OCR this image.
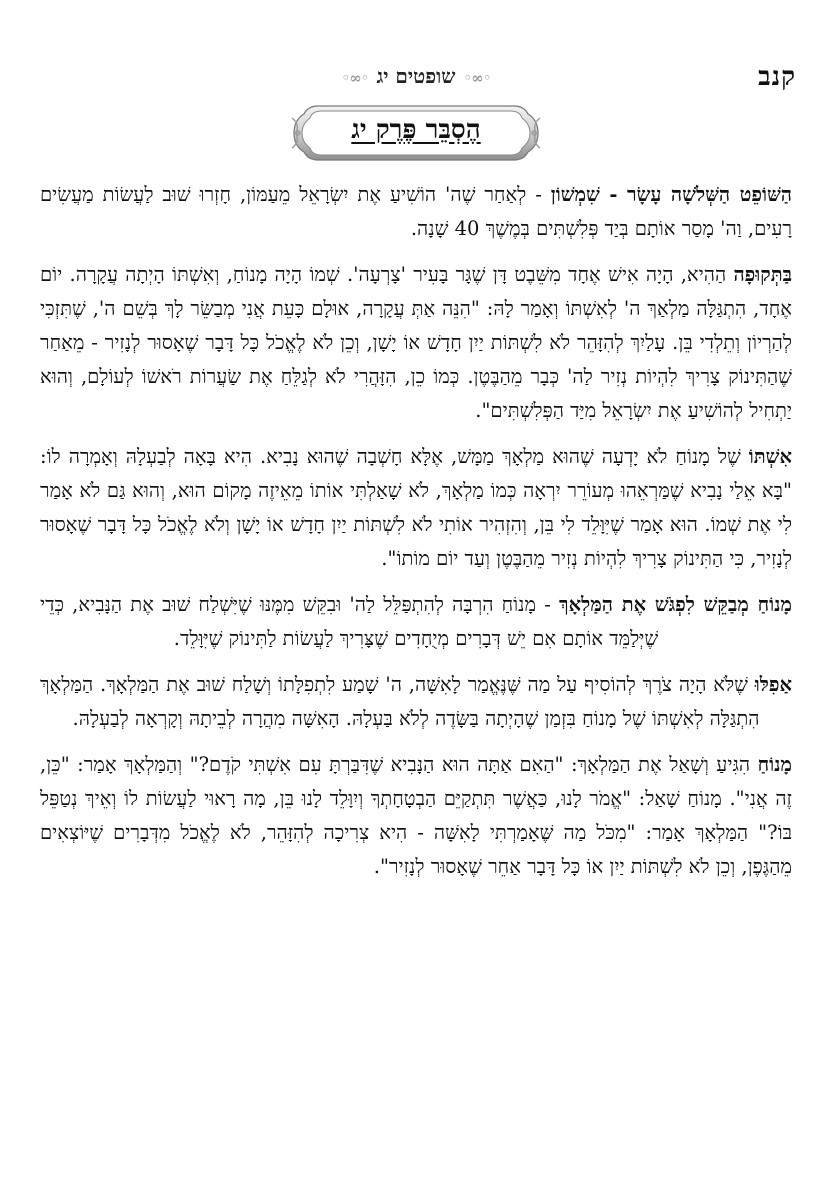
קנב
◦∞◦שופטים יג◦∞◦
הֶסְבֵּר פֶּרֶק יג

הַשּׁוֹפֵט הַשְּׁלֹשָׁה עָשָׂר - שִׁמְשׁוֹן - לְאַחַר שֶׁה' הוֹשִׁיעַ אֶת יִשְׂרָאֵל מֵעַמּוֹן, חָזְרוּ שׁוּב לַעֲשׂוֹת מַעֲשִׂים רָעִים, וַה' מָסַר אוֹתָם בְּיַד פְּלִשְׁתִּים בְּמֶשֶׁךְ 40 שָׁנָה.

בַּתְּקוּפָה הַהִיא, הָיָה אִישׁ אֶחָד מִשֵּׁבֶט דָּן שֶׁגָּר בָּעִיר 'צָרְעָה'. שְׁמוֹ הָיָה מָנוֹחַ, וְאִשְׁתּוֹ הָיְתָה עֲקָרָה. יוֹם אֶחָד, הִתְגַּלָּה מַלְאַךְ ה' לְאִשְׁתּוֹ וְאָמַר לָהּ: "הִנֵּה אַתְּ עֲקָרָה, אוּלָם כָּעֵת אֲנִי מְבַשֵּׂר לָךְ בְּשֵׁם ה', שֶׁתִּזְכִּי לְהַרְיוֹן וְתֵלְדִי בֵּן. עָלַיִךְ לְהִזָּהֵר לֹא לִשְׁתּוֹת יַיִן חָדָשׁ אוֹ יָשָׁן, וְכֵן לֹא לֶאֱכֹל כָּל דָּבָר שֶׁאָסוּר לְנָזִיר - מֵאַחַר שֶׁהַתִּינוֹק צָרִיךְ לִהְיוֹת נְזִיר לַה' כְּבָר מֵהַבֶּטֶן. כְּמוֹ כֵן, הִזָּהֲרִי לֹא לְגַלֵּחַ אֶת שַׂעֲרוֹת רֹאשׁוֹ לְעוֹלָם, וְהוּא יַתְחִיל לְהוֹשִׁיעַ אֶת יִשְׂרָאֵל מִיַּד הַפְּלִשְׁתִּים".

אִשְׁתּוֹ שֶׁל מָנוֹחַ לֹא יָדְעָה שֶׁהוּא מַלְאָךְ מַמָּשׁ, אֶלָּא חָשְׁבָה שֶׁהוּא נָבִיא. הִיא בָּאָה לְבַעְלָהּ וְאָמְרָה לוֹ: "בָּא אֵלַי נָבִיא שֶׁמַּרְאֵהוּ מְעוֹרֵר יִרְאָה כְּמוֹ מַלְאָךְ, לֹא שָׁאַלְתִּי אוֹתוֹ מֵאֵיזֶה מָקוֹם הוּא, וְהוּא גַּם לֹא אָמַר לִי אֶת שְׁמוֹ. הוּא אָמַר שֶׁיִּוָּלֵד לִי בֵּן, וְהִזְהִיר אוֹתִי לֹא לִשְׁתּוֹת יַיִן חָדָשׁ אוֹ יָשָׁן וְלֹא לֶאֱכֹל כָּל דָּבָר שֶׁאָסוּר לְנָזִיר, כִּי הַתִּינוֹק צָרִיךְ לִהְיוֹת נְזִיר מֵהַבֶּטֶן וְעַד יוֹם מוֹתוֹ".

מָנוֹחַ מְבַקֵּשׁ לִפְגֹּשׁ אֶת הַמַּלְאָךְ - מָנוֹחַ הִרְבָּה לְהִתְפַּלֵּל לַה' וּבִקֵּשׁ מִמֶּנּוּ שֶׁיִּשְׁלַח שׁוּב אֶת הַנָּבִיא, כְּדֵי שֶׁיְּלַמֵּד אוֹתָם אִם יֵשׁ דְּבָרִים מְיֻחָדִים שֶׁצָּרִיךְ לַעֲשׂוֹת לַתִּינוֹק שֶׁיִּוָּלֵד.

אַפִלּוּ שֶׁלֹּא הָיָה צֹרֶךְ לְהוֹסִיף עַל מַה שֶּׁנֶּאֱמַר לָאִשָּׁה, ה' שָׁמַע לִתְפִלָּתוֹ וְשָׁלַח שׁוּב אֶת הַמַּלְאָךְ. הַמַּלְאָךְ הִתְגַּלָּה לְאִשְׁתּוֹ שֶׁל מָנוֹחַ בִּזְמַן שֶׁהָיְתָה בַּשָּׂדֶה לְלֹא בַּעְלָהּ. הָאִשָּׁה מִהֲרָה לְבֵיתָהּ וְקָרְאָה לְבַעְלָהּ.

מָנוֹחַ הִגִּיעַ וְשָׁאַל אֶת הַמַּלְאָךְ: "הַאִם אַתָּה הוּא הַנָּבִיא שֶׁדִּבַּרְתָּ עִם אִשְׁתִּי קֹדֶם?" וְהַמַּלְאָךְ אָמַר: "כֵּן, זֶה אֲנִי". מָנוֹחַ שָׁאַל: "אֱמֹר לָנוּ, כַּאֲשֶׁר תִּתְקַיֵּם הַבְטָחָתְךָ וְיִוָּלֵד לָנוּ בֵּן, מָה רָאוּי לַעֲשׂוֹת לוֹ וְאֵיךְ נְטַפֵּל בּוֹ?" הַמַּלְאָךְ אָמַר: "מִכֹּל מַה שֶּׁאָמַרְתִּי לָאִשָּׁה - הִיא צְרִיכָה לְהִזָּהֵר, לֹא לֶאֱכֹל מִדְּבָרִים שֶׁיּוֹצְאִים מֵהַגֶּפֶן, וְכֵן לֹא לִשְׁתּוֹת יַיִן אוֹ כָּל דָּבָר אַחֵר שֶׁאָסוּר לְנָזִיר".
